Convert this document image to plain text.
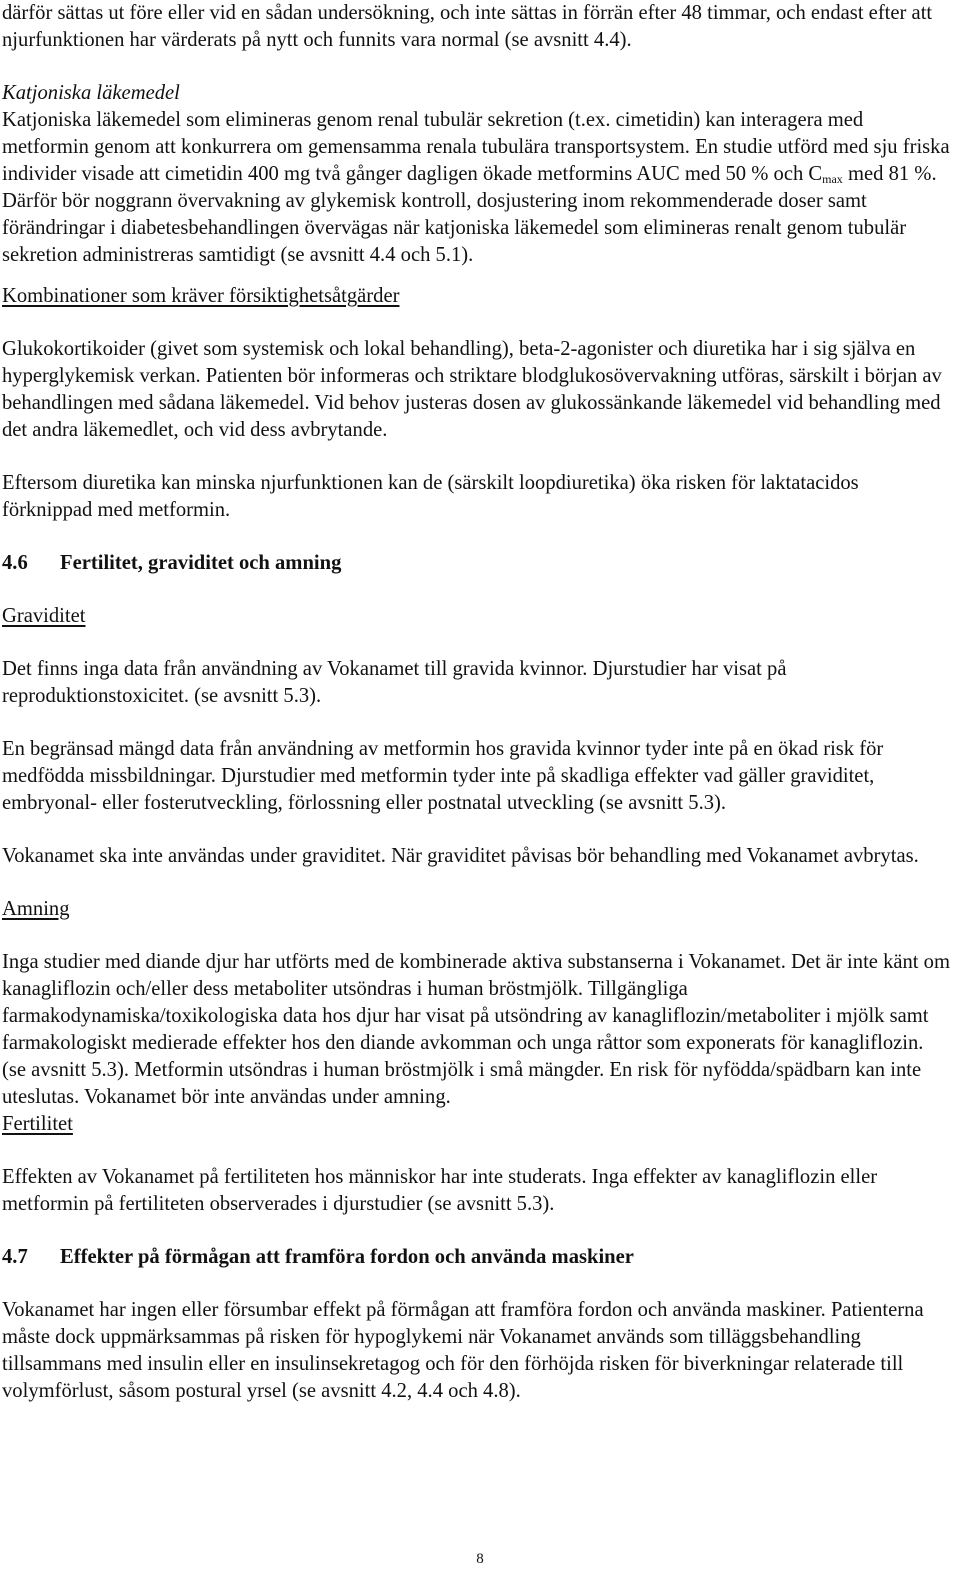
därför sättas ut före eller vid en sådan undersökning, och inte sättas in förrän efter 48 timmar, och endast efter att njurfunktionen har värderats på nytt och funnits vara normal (se avsnitt 4.4).

Katjoniska läkemedel

Katjoniska läkemedel som elimineras genom renal tubulär sekretion (t.ex. cimetidin) kan interagera med metformin genom att konkurrera om gemensamma renala tubulära transportsystem. En studie utförd med sju friska individer visade att cimetidin 400 mg två gånger dagligen ökade metformins AUC med 50 % och $C_{max}$ med 81 %. Därför bör noggrann övervakning av glykemisk kontroll, dosjustering inom rekommenderade doser samt förändringar i diabetesbehandlingen övervägas när katjoniska läkemedel som elimineras renalt genom tubulär sekretion administreras samtidigt (se avsnitt 4.4 och 5.1).

Kombinationer som kräver försiktighetsåtgärder

Glukokortikoider (givet som systemisk och lokal behandling), beta-2-agonister och diuretika har i sig själva en hyperglykemisk verkan. Patienten bör informeras och striktare blodglukosövervakning utföras, särskilt i början av behandlingen med sådana läkemedel. Vid behov justeras dosen av glukossänkande läkemedel vid behandling med det andra läkemedlet, och vid dess avbrytande.

Eftersom diuretika kan minska njurfunktionen kan de (särskilt loopdiuretika) öka risken för laktatacidos förknippad med metformin.

4.6	Fertilitet, graviditet och amning

Graviditet

Det finns inga data från användning av Vokanamet till gravida kvinnor. Djurstudier har visat på reproduktionstoxicitet. (se avsnitt 5.3).

En begränsad mängd data från användning av metformin hos gravida kvinnor tyder inte på en ökad risk för medfödda missbildningar. Djurstudier med metformin tyder inte på skadliga effekter vad gäller graviditet, embryonal- eller fosterutveckling, förlossning eller postnatal utveckling (se avsnitt 5.3).

Vokanamet ska inte användas under graviditet. När graviditet påvisas bör behandling med Vokanamet avbrytas.

Amning

Inga studier med diande djur har utförts med de kombinerade aktiva substanserna i Vokanamet. Det är inte känt om kanagliflozin och/eller dess metaboliter utsöndras i human bröstmjölk. Tillgängliga farmakodynamiska/toxikologiska data hos djur har visat på utsöndring av kanagliflozin/metaboliter i mjölk samt farmakologiskt medierade effekter hos den diande avkomman och unga råttor som exponerats för kanagliflozin. (se avsnitt 5.3). Metformin utsöndras i human bröstmjölk i små mängder. En risk för nyfödda/spädbarn kan inte uteslutas. Vokanamet bör inte användas under amning.

Fertilitet

Effekten av Vokanamet på fertiliteten hos människor har inte studerats. Inga effekter av kanagliflozin eller metformin på fertiliteten observerades i djurstudier (se avsnitt 5.3).

4.7	Effekter på förmågan att framföra fordon och använda maskiner

Vokanamet har ingen eller försumbar effekt på förmågan att framföra fordon och använda maskiner. Patienterna måste dock uppmärksammas på risken för hypoglykemi när Vokanamet används som tilläggsbehandling tillsammans med insulin eller en insulinsekretagog och för den förhöjda risken för biverkningar relaterade till volymförlust, såsom postural yrsel (se avsnitt 4.2, 4.4 och 4.8).

8
